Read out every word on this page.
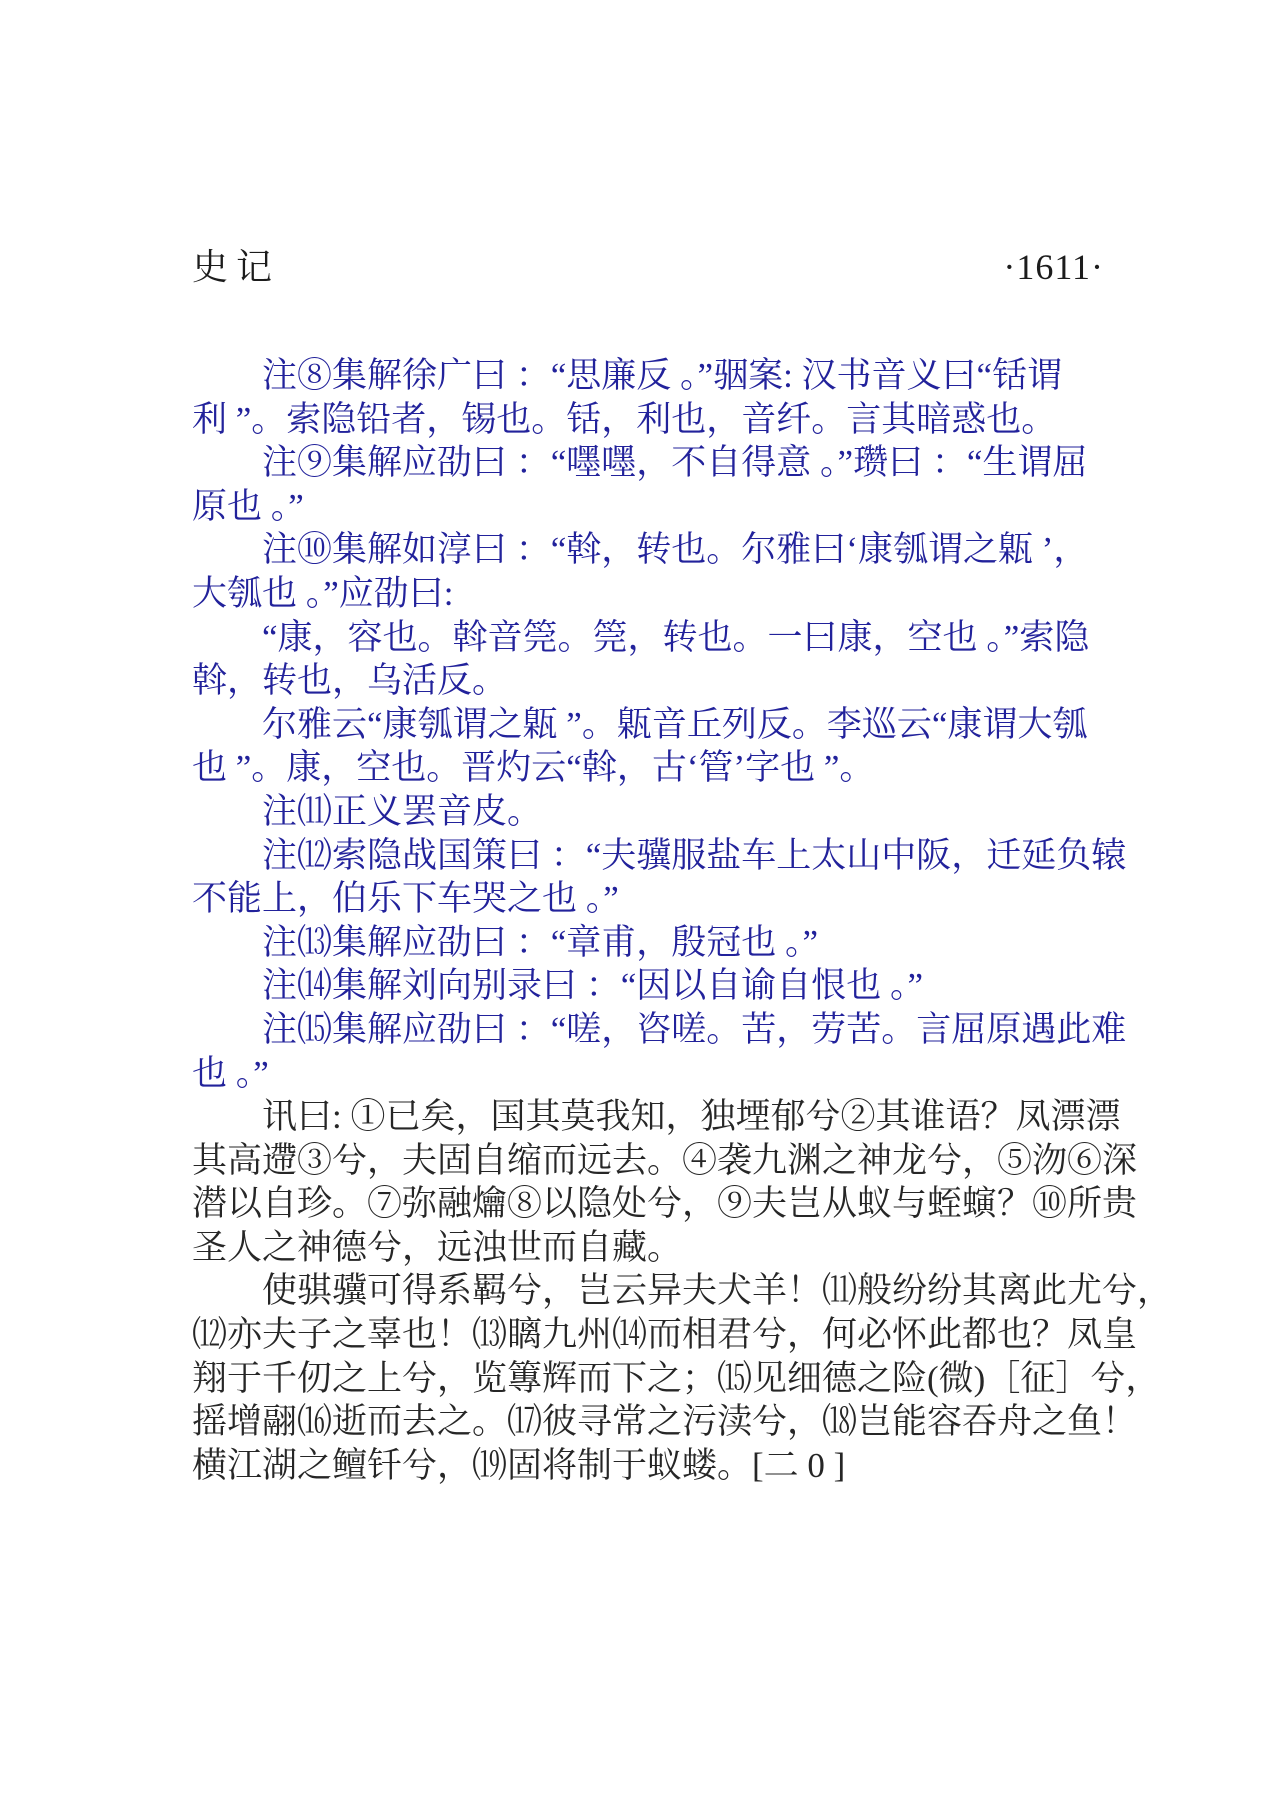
史记	·1611·
注⑧集解徐广曰 ：“思廉反 。”骃案: 汉书音义曰“铦谓
利 ”。索隐铅者，锡也。铦，利也，音纤。言其暗惑也。
注⑨集解应劭曰 ：“嚜嚜，不自得意 。”瓒曰 ：“生谓屈
原也 。”
注⑩集解如淳曰 ：“斡，转也。尔雅曰‘康瓠谓之甈 ’，
大瓠也 。”应劭曰:
“康，容也。斡音筦。筦，转也。一曰康，空也 。”索隐
斡，转也，乌活反。
尔雅云“康瓠谓之甈 ”。甈音丘列反。李巡云“康谓大瓠
也 ”。康，空也。晋灼云“斡，古‘管’字也 ”。
注⑾正义罢音皮。
注⑿索隐战国策曰 ：“夫骥服盐车上太山中阪，迁延负辕
不能上，伯乐下车哭之也 。”
注⒀集解应劭曰 ：“章甫，殷冠也 。”
注⒁集解刘向别录曰 ：“因以自谕自恨也 。”
注⒂集解应劭曰 ：“嗟，咨嗟。苦，劳苦。言屈原遇此难
也 。”
讯曰: ①已矣，国其莫我知，独堙郁兮②其谁语？凤漂漂
其高遰③兮，夫固自缩而远去。④袭九渊之神龙兮，⑤沕⑥深
潜以自珍。⑦弥融爚⑧以隐处兮，⑨夫岂从蚁与蛭螾？⑩所贵
圣人之神德兮，远浊世而自藏。
使骐骥可得系羁兮，岂云异夫犬羊！⑾般纷纷其离此尤兮，
⑿亦夫子之辜也！⒀瞝九州⒁而相君兮，何必怀此都也？凤皇
翔于千仞之上兮，览篿辉而下之；⒂见细德之险(微)［征］兮，
摇增翮⒃逝而去之。⒄彼寻常之污渎兮，⒅岂能容吞舟之鱼！
横江湖之鳣钎兮，⒆固将制于蚁蝼。[二 0 ]
